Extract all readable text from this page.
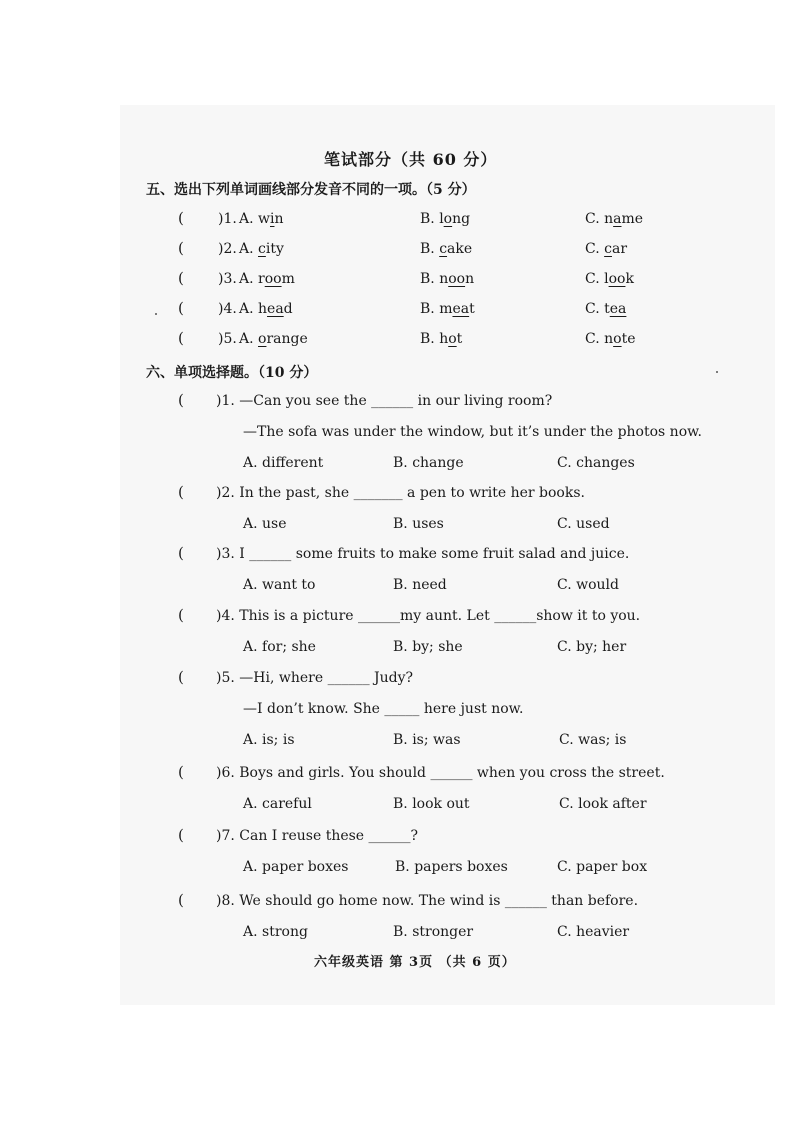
笔试部分（共 60 分）
五、选出下列单词画线部分发音不同的一项。（5 分）
( )1. A. win	B. long	C. name
( )2. A. city	B. cake	C. car
( )3. A. room	B. noon	C. look
( )4. A. head	B. meat	C. tea
( )5. A. orange	B. hot	C. note
六、单项选择题。（10 分）
( )1. —Can you see the ______ in our living room?
—The sofa was under the window, but it’s under the photos now.
A. different	B. change	C. changes
( )2. In the past, she _______ a pen to write her books.
A. use	B. uses	C. used
( )3. I ______ some fruits to make some fruit salad and juice.
A. want to	B. need	C. would
( )4. This is a picture ______my aunt. Let ______show it to you.
A. for; she	B. by; she	C. by; her
( )5. —Hi, where ______ Judy?
—I don’t know. She _____ here just now.
A. is; is	B. is; was	C. was; is
( )6. Boys and girls. You should ______ when you cross the street.
A. careful	B. look out	C. look after
( )7. Can I reuse these ______?
A. paper boxes	B. papers boxes	C. paper box
( )8. We should go home now. The wind is ______ than before.
A. strong	B. stronger	C. heavier
六年级英语 第 3页 （共 6 页）
